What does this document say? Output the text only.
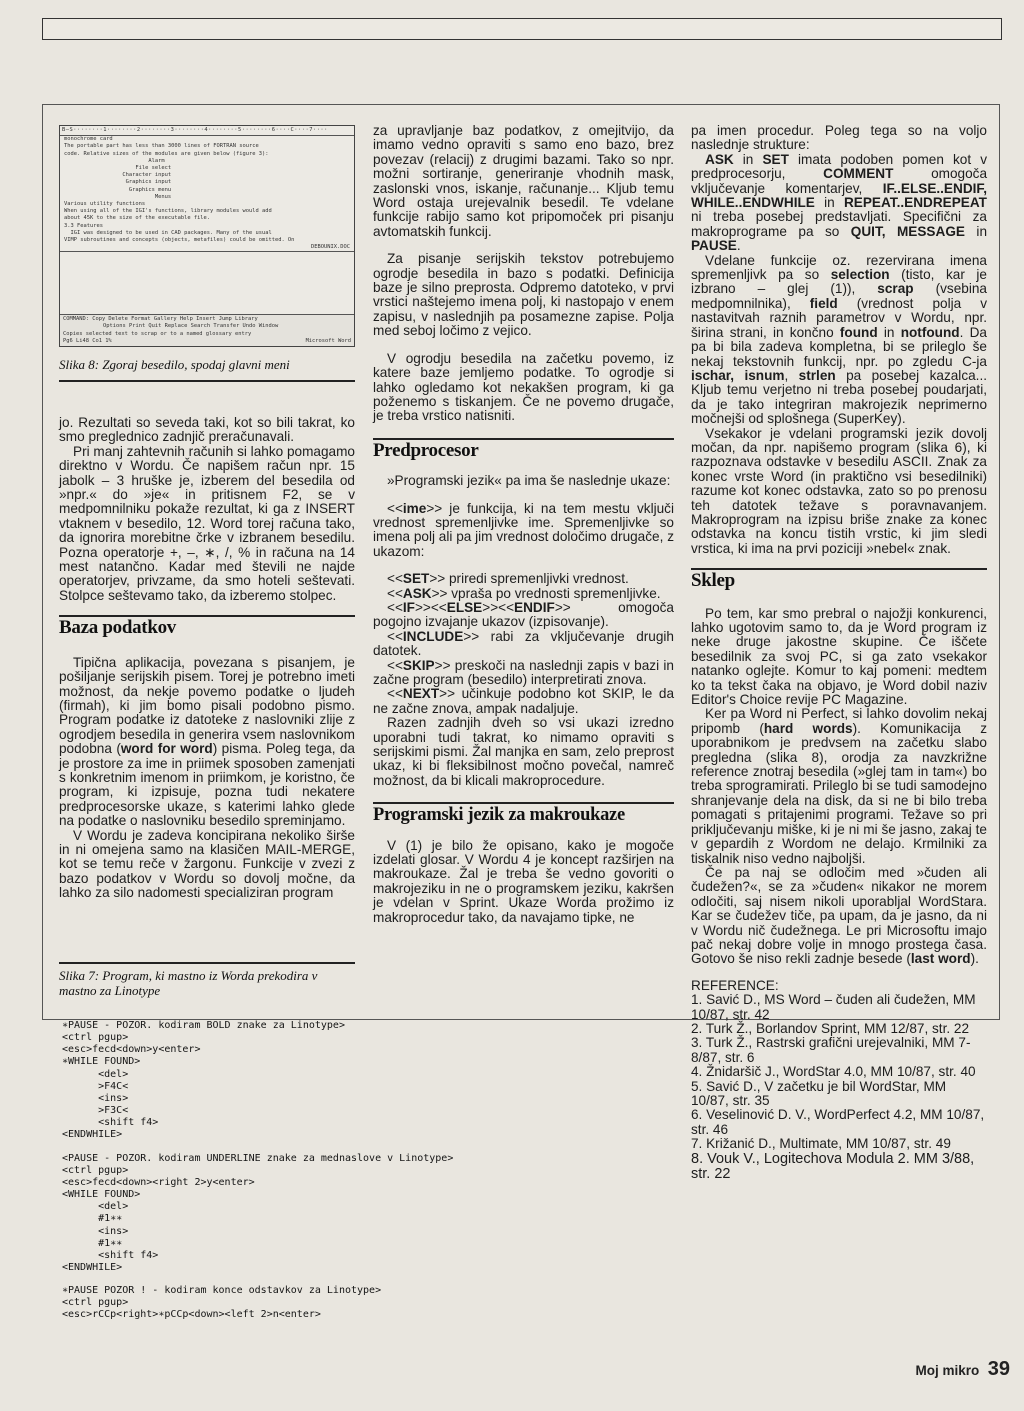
B—S········1········2········3········4········5········6····C····7····
monochrome card
The portable part has less than 3000 lines of FORTRAN source
code. Relative sizes of the modules are given below (figure 3):
Alarm
File select
Character input
Graphics input
Graphics menu
Menus
Various utility functions
When using all of the IGI's functions, library modules would add
about 45K to the size of the executable file.
3.3 Features
IGI was designed to be used in CAD packages. Many of the usual
VIMP subroutines and concepts (objects, metafiles) could be omitted. On
DEBOUNIX.DOC
COMMAND: Copy Delete Format Gallery Help Insert Jump Library
Options Print Quit Replace Search Transfer Undo Window
Copies selected text to scrap or to a named glossary entry
Pg6 Li48 Co1 1%	Microsoft Word
Slika 8: Zgoraj besedilo, spodaj glavni meni

jo. Rezultati so seveda taki, kot so bili takrat, ko smo preglednico zadnjič preračunavali.

Pri manj zahtevnih računih si lahko pomagamo direktno v Wordu. Če napišem račun npr. 15 jabolk – 3 hruške je, izberem del besedila od »npr.« do »je« in pritisnem F2, se v medpomnilniku pokaže rezultat, ki ga z INSERT vtaknem v besedilo, 12. Word torej računa tako, da ignorira morebitne črke v izbranem besedilu. Pozna operatorje +, –, ∗, /, % in računa na 14 mest natančno. Kadar med števili ne najde operatorjev, privzame, da smo hoteli seštevati. Stolpce seštevamo tako, da izberemo stolpec.

Baza podatkov

Tipična aplikacija, povezana s pisanjem, je pošiljanje serijskih pisem. Torej je potrebno imeti možnost, da nekje povemo podatke o ljudeh (firmah), ki jim bomo pisali podobno pismo. Program podatke iz datoteke z naslovniki zlije z ogrodjem besedila in generira vsem naslovnikom podobna (word for word) pisma. Poleg tega, da je prostore za ime in priimek sposoben zamenjati s konkretnim imenom in priimkom, je koristno, če program, ki izpisuje, pozna tudi nekatere predprocesorske ukaze, s katerimi lahko glede na podatke o naslovniku besedilo spreminjamo.

V Wordu je zadeva koncipirana nekoliko širše in ni omejena samo na klasičen MAIL-MERGE, kot se temu reče v žargonu. Funkcije v zvezi z bazo podatkov v Wordu so dovolj močne, da lahko za silo nadomesti specializiran program

Slika 7: Program, ki mastno iz Worda prekodira v mastno za Linotype

za upravljanje baz podatkov, z omejitvijo, da imamo vedno opraviti s samo eno bazo, brez povezav (relacij) z drugimi bazami. Tako so npr. možni sortiranje, generiranje vhodnih mask, zaslonski vnos, iskanje, računanje... Kljub temu Word ostaja urejevalnik besedil. Te vdelane funkcije rabijo samo kot pripomoček pri pisanju avtomatskih funkcij.

Za pisanje serijskih tekstov potrebujemo ogrodje besedila in bazo s podatki. Definicija baze je silno preprosta. Odpremo datoteko, v prvi vrstici naštejemo imena polj, ki nastopajo v enem zapisu, v naslednjih pa posamezne zapise. Polja med seboj ločimo z vejico.

V ogrodju besedila na začetku povemo, iz katere baze jemljemo podatke. To ogrodje si lahko ogledamo kot nekakšen program, ki ga poženemo s tiskanjem. Če ne povemo drugače, je treba vrstico natisniti.

Predprocesor

»Programski jezik« pa ima še naslednje ukaze:

<<ime>> je funkcija, ki na tem mestu vključi vrednost spremenljivke ime. Spremenljivke so imena polj ali pa jim vrednost določimo drugače, z ukazom:

<<SET>> priredi spremenljivki vrednost.

<<ASK>> vpraša po vrednosti spremenljivke.

<<IF>><<ELSE>><<ENDIF>> omogoča pogojno izvajanje ukazov (izpisovanje).

<<INCLUDE>> rabi za vključevanje drugih datotek.

<<SKIP>> preskoči na naslednji zapis v bazi in začne program (besedilo) interpretirati znova.

<<NEXT>> učinkuje podobno kot SKIP, le da ne začne znova, ampak nadaljuje.

Razen zadnjih dveh so vsi ukazi izredno uporabni tudi takrat, ko nimamo opraviti s serijskimi pismi. Žal manjka en sam, zelo preprost ukaz, ki bi fleksibilnost močno povečal, namreč možnost, da bi klicali makroprocedure.

Programski jezik za makroukaze

V (1) je bilo že opisano, kako je mogoče izdelati glosar. V Wordu 4 je koncept razširjen na makroukaze. Žal je treba še vedno govoriti o makrojeziku in ne o programskem jeziku, kakršen je vdelan v Sprint. Ukaze Worda prožimo iz makroprocedur tako, da navajamo tipke, ne

pa imen procedur. Poleg tega so na voljo naslednje strukture:

ASK in SET imata podoben pomen kot v predprocesorju, COMMENT omogoča vključevanje komentarjev, IF..ELSE..ENDIF, WHILE..ENDWHILE in REPEAT..ENDREPEAT ni treba posebej predstavljati. Specifični za makroprograme pa so QUIT, MESSAGE in PAUSE.

Vdelane funkcije oz. rezervirana imena spremenljivk pa so selection (tisto, kar je izbrano – glej (1)), scrap (vsebina medpomnilnika), field (vrednost polja v nastavitvah raznih parametrov v Wordu, npr. širina strani, in končno found in notfound. Da pa bi bila zadeva kompletna, bi se prileglo še nekaj tekstovnih funkcij, npr. po zgledu C-ja ischar, isnum, strlen pa posebej kazalca... Kljub temu verjetno ni treba posebej poudarjati, da je tako integriran makrojezik neprimerno močnejši od splošnega (SuperKey).

Vsekakor je vdelani programski jezik dovolj močan, da npr. napišemo program (slika 6), ki razpoznava odstavke v besedilu ASCII. Znak za konec vrste Word (in praktično vsi besedilniki) razume kot konec odstavka, zato so po prenosu teh datotek težave s poravnavanjem. Makroprogram na izpisu briše znake za konec odstavka na koncu tistih vrstic, ki jim sledi vrstica, ki ima na prvi poziciji »nebel« znak.

Sklep

Po tem, kar smo prebral o najožji konkurenci, lahko ugotovim samo to, da je Word program iz neke druge jakostne skupine. Če iščete besedilnik za svoj PC, si ga zato vsekakor natanko oglejte. Komur to kaj pomeni: medtem ko ta tekst čaka na objavo, je Word dobil naziv Editor's Choice revije PC Magazine.

Ker pa Word ni Perfect, si lahko dovolim nekaj pripomb (hard words). Komunikacija z uporabnikom je predvsem na začetku slabo pregledna (slika 8), orodja za navzkrižne reference znotraj besedila (»glej tam in tam«) bo treba sprogramirati. Prileglo bi se tudi samodejno shranjevanje dela na disk, da si ne bi bilo treba pomagati s pritajenimi programi. Težave so pri priključevanju miške, ki je ni mi še jasno, zakaj te v gepardih z Wordom ne delajo. Krmilniki za tiskalnik niso vedno najboljši.

Če pa naj se odločim med »čuden ali čudežen?«, se za »čuden« nikakor ne morem odločiti, saj nisem nikoli uporabljal WordStara. Kar se čudežev tiče, pa upam, da je jasno, da ni v Wordu nič čudežnega. Le pri Microsoftu imajo pač nekaj dobre volje in mnogo prostega časa. Gotovo še niso rekli zadnje besede (last word).

REFERENCE:

1. Savić D., MS Word – čuden ali čudežen, MM 10/87, str. 42

2. Turk Ž., Borlandov Sprint, MM 12/87, str. 22

3. Turk Ž., Rastrski grafični urejevalniki, MM 7-8/87, str. 6

4. Žnidaršič J., WordStar 4.0, MM 10/87, str. 40

5. Savić D., V začetku je bil WordStar, MM 10/87, str. 35

6. Veselinović D. V., WordPerfect 4.2, MM 10/87, str. 46

7. Križanić D., Multimate, MM 10/87, str. 49

8. Vouk V., Logitechova Modula 2. MM 3/88, str. 22

∗PAUSE - POZOR. kodiram BOLD znake za Linotype>
<ctrl pgup>
<esc>fecd<down>y<enter>
∗WHILE FOUND>
<del>
>F4C<
<ins>
>F3C<
<shift f4>
<ENDWHILE>
<PAUSE - POZOR. kodiram UNDERLINE znake za mednaslove v Linotype>
<ctrl pgup>
<esc>fecd<down><right 2>y<enter>
<WHILE FOUND>
<del>
#1∗∗
<ins>
#1∗∗
<shift f4>
<ENDWHILE>
∗PAUSE POZOR ! - kodiram konce odstavkov za Linotype>
<ctrl pgup>
<esc>rCCp<right>∗pCCp<down><left 2>n<enter>
Moj mikro 39
